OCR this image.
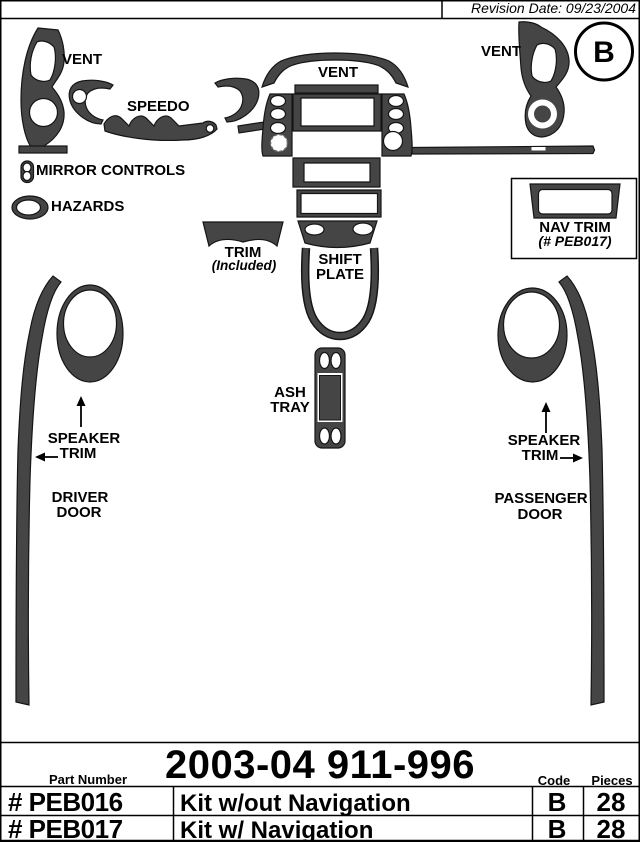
Revision Date: 09/23/2004
VENT
SPEEDO
MIRROR CONTROLS
HAZARDS
VENT
VENT B
TRIM
(Included)	SHIFT
PLATE
NAV TRIM
(# PEB017)
ASH
TRAY
SPEAKER
TRIM
DRIVER
DOOR
SPEAKER
TRIM
PASSENGER
DOOR
2003-04 911-996
Part Number	Code Pieces
# PEB016 Kit w/out Navigation	B 28
# PEB017 Kit w/ Navigation	B 28
